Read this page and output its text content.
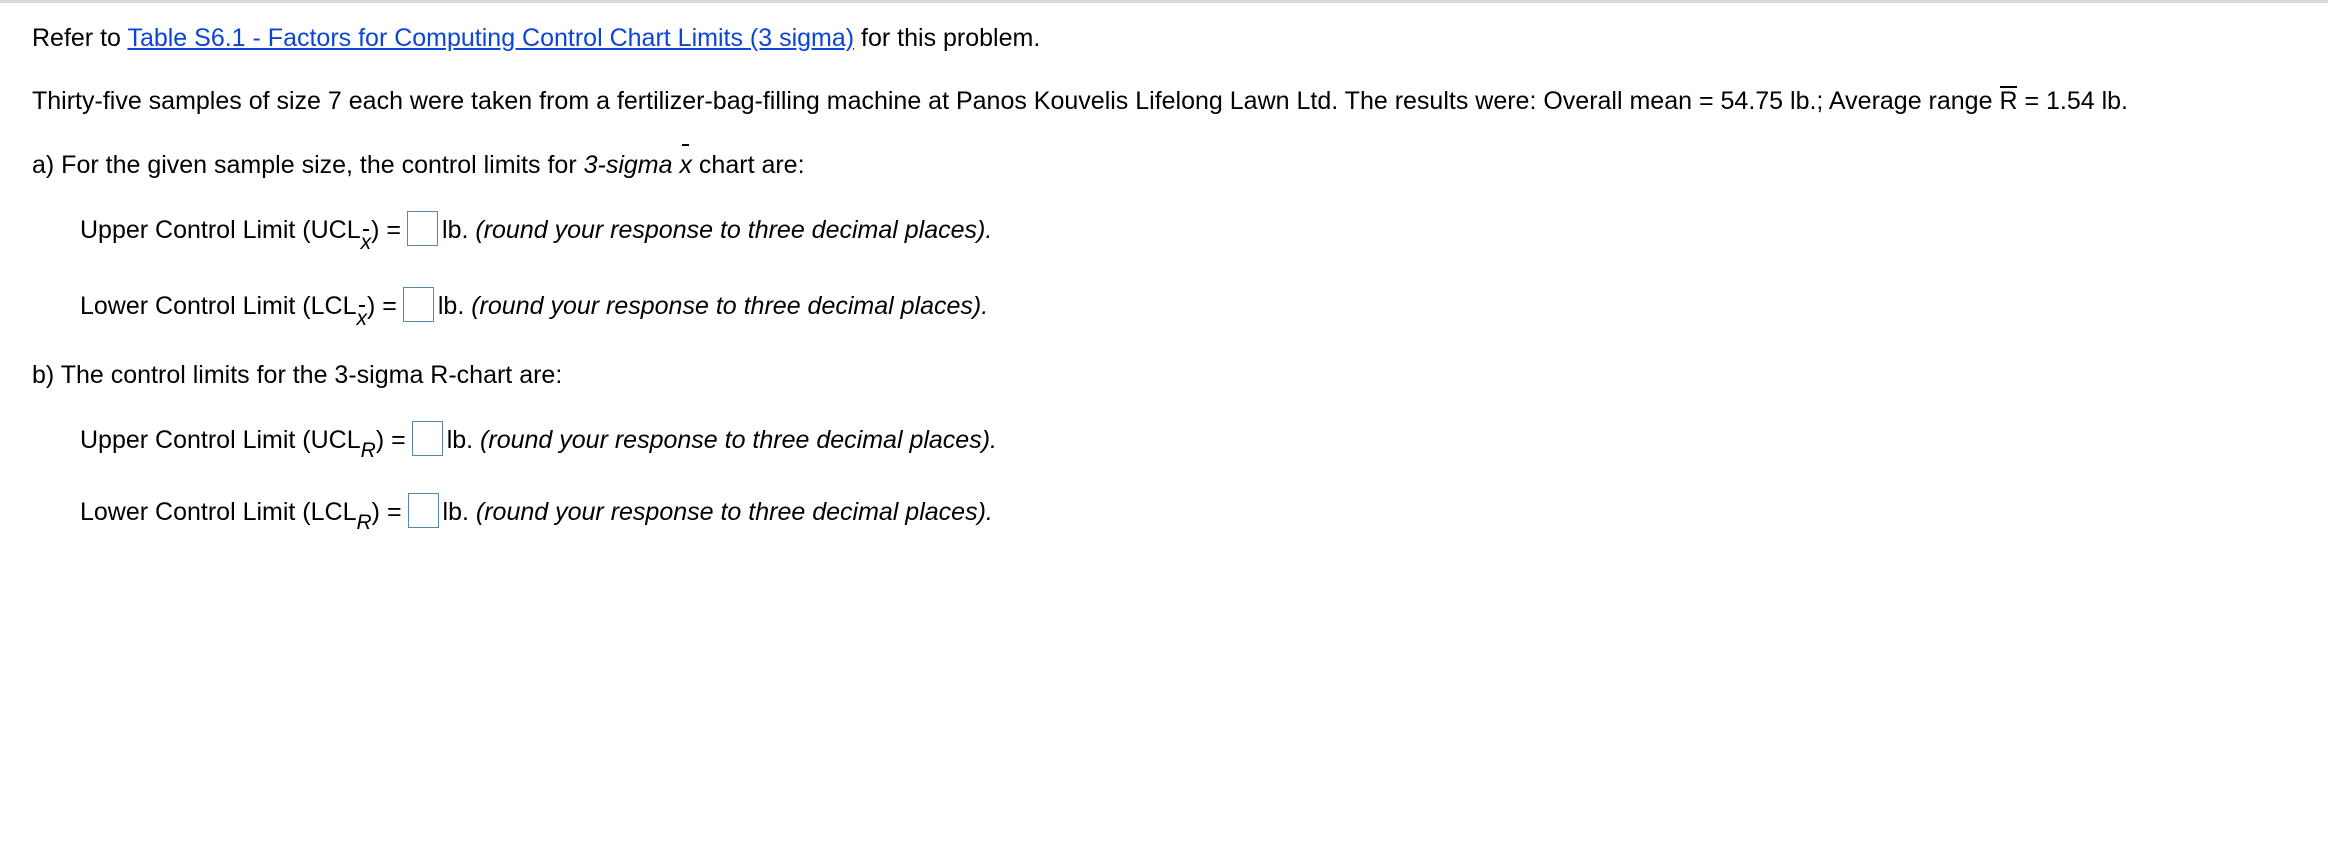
Refer to Table S6.1 - Factors for Computing Control Chart Limits (3 sigma) for this problem.
Thirty-five samples of size 7 each were taken from a fertilizer-bag-filling machine at Panos Kouvelis Lifelong Lawn Ltd. The results were: Overall mean = 54.75 lb.; Average range R = 1.54 lb.
a) For the given sample size, the control limits for 3-sigma x chart are:
Upper Control Limit (UCLx) = lb. (round your response to three decimal places).
Lower Control Limit (LCLx) = lb. (round your response to three decimal places).
b) The control limits for the 3-sigma R-chart are:
Upper Control Limit $(UCL_R)$ = lb. (round your response to three decimal places).
Lower Control Limit $(LCL_R)$ = lb. (round your response to three decimal places).
